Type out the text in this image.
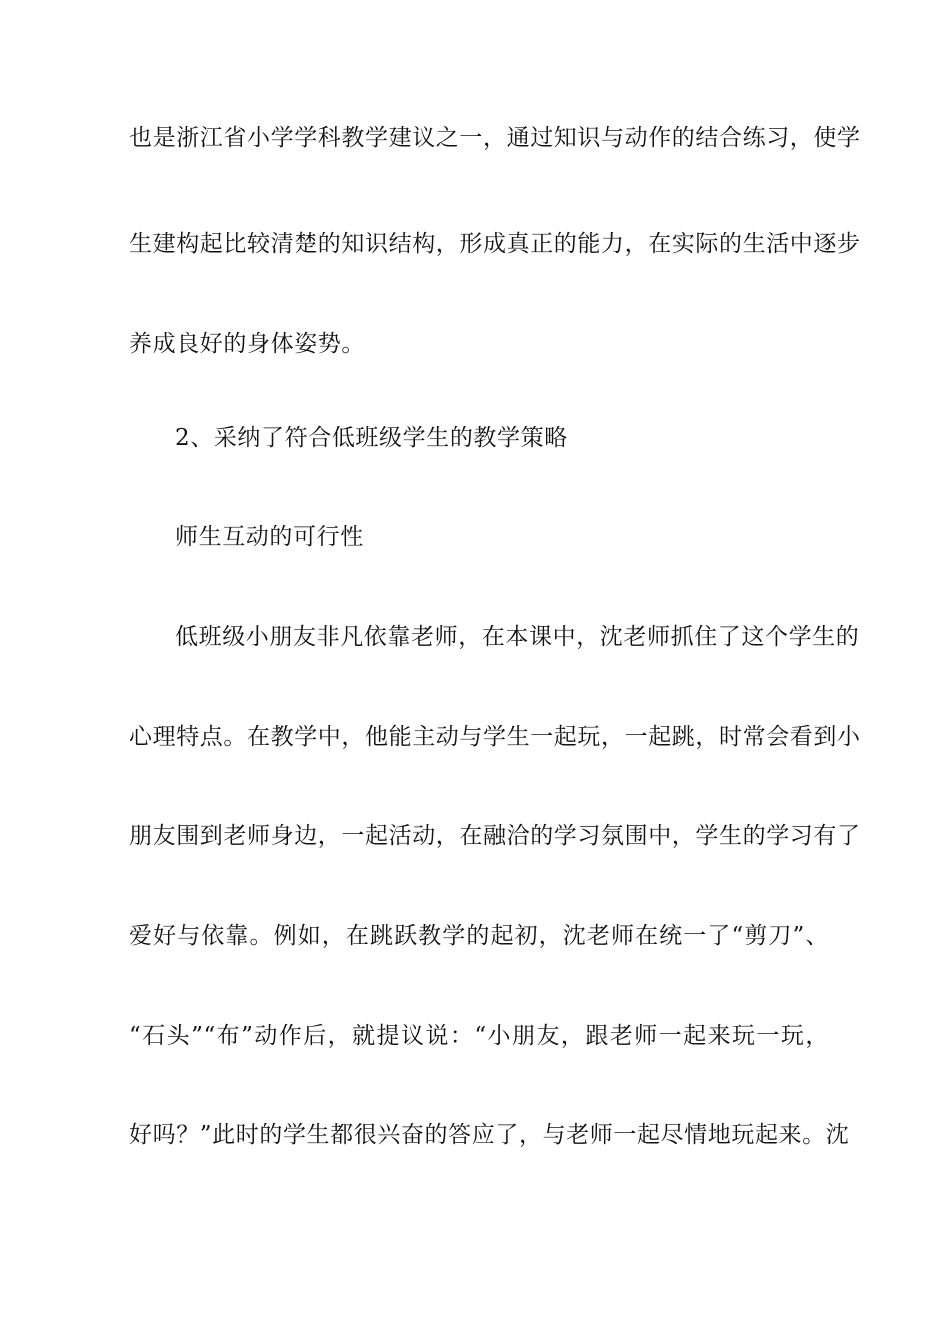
也是浙江省小学学科教学建议之一，通过知识与动作的结合练习，使学
生建构起比较清楚的知识结构，形成真正的能力，在实际的生活中逐步
养成良好的身体姿势。
2、采纳了符合低班级学生的教学策略
师生互动的可行性
低班级小朋友非凡依靠老师，在本课中，沈老师抓住了这个学生的
心理特点。在教学中，他能主动与学生一起玩，一起跳，时常会看到小
朋友围到老师身边，一起活动，在融洽的学习氛围中，学生的学习有了
爱好与依靠。例如，在跳跃教学的起初，沈老师在统一了“剪刀”、
“石头”“布”动作后，就提议说：“小朋友，跟老师一起来玩一玩，
好吗？”此时的学生都很兴奋的答应了，与老师一起尽情地玩起来。沈
